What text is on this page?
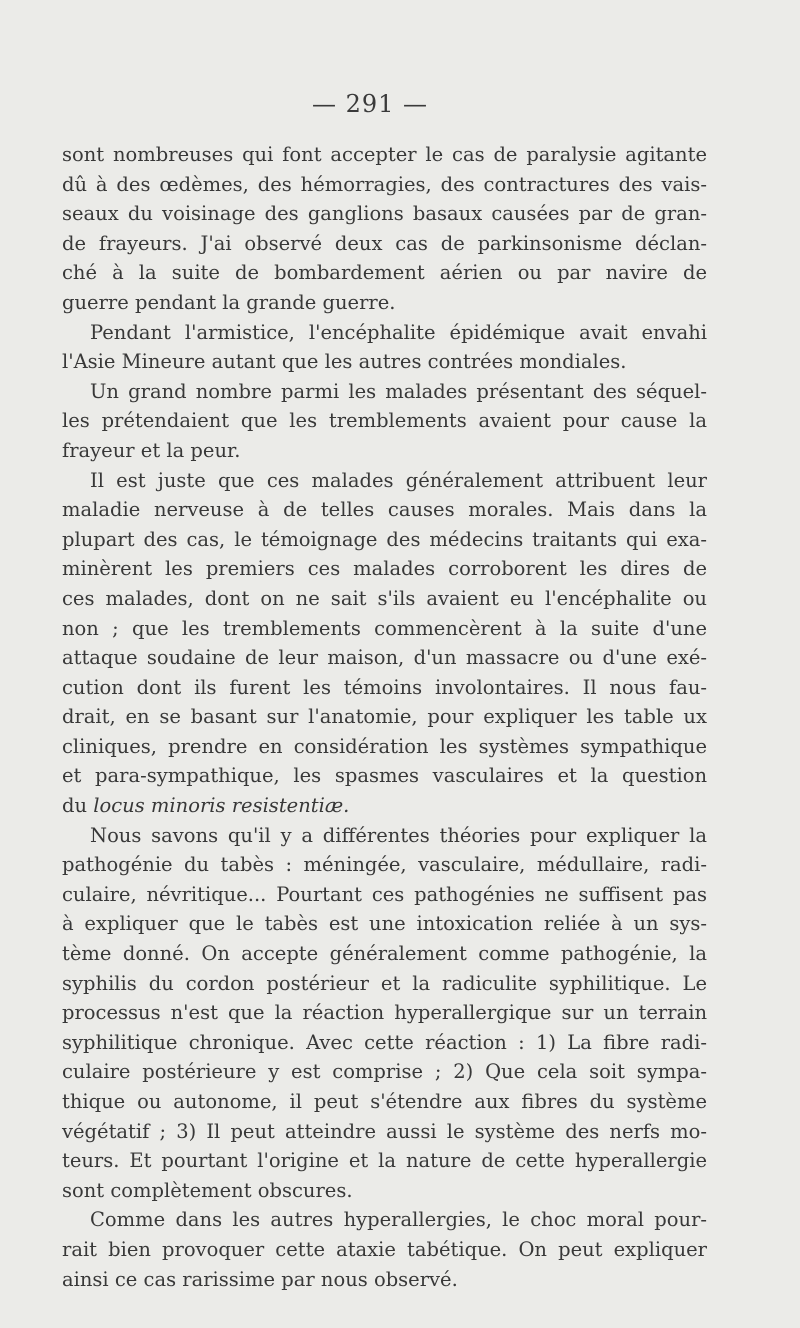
— 291 —
sont nombreuses qui font accepter le cas de paralysie agitante
dû à des œdèmes, des hémorragies, des contractures des vais-
seaux du voisinage des ganglions basaux causées par de gran-
de frayeurs. J'ai observé deux cas de parkinsonisme déclan-
ché à la suite de bombardement aérien ou par navire de
guerre pendant la grande guerre.
Pendant l'armistice, l'encéphalite épidémique avait envahi
l'Asie Mineure autant que les autres contrées mondiales.
Un grand nombre parmi les malades présentant des séquel-
les prétendaient que les tremblements avaient pour cause la
frayeur et la peur.
Il est juste que ces malades généralement attribuent leur
maladie nerveuse à de telles causes morales. Mais dans la
plupart des cas, le témoignage des médecins traitants qui exa-
minèrent les premiers ces malades corroborent les dires de
ces malades, dont on ne sait s'ils avaient eu l'encéphalite ou
non ; que les tremblements commencèrent à la suite d'une
attaque soudaine de leur maison, d'un massacre ou d'une exé-
cution dont ils furent les témoins involontaires. Il nous fau-
drait, en se basant sur l'anatomie, pour expliquer les table ux
cliniques, prendre en considération les systèmes sympathique
et para-sympathique, les spasmes vasculaires et la question
du locus minoris resistentiæ.
Nous savons qu'il y a différentes théories pour expliquer la
pathogénie du tabès : méningée, vasculaire, médullaire, radi-
culaire, névritique... Pourtant ces pathogénies ne suffisent pas
à expliquer que le tabès est une intoxication reliée à un sys-
tème donné. On accepte généralement comme pathogénie, la
syphilis du cordon postérieur et la radiculite syphilitique. Le
processus n'est que la réaction hyperallergique sur un terrain
syphilitique chronique. Avec cette réaction : 1) La fibre radi-
culaire postérieure y est comprise ; 2) Que cela soit sympa-
thique ou autonome, il peut s'étendre aux fibres du système
végétatif ; 3) Il peut atteindre aussi le système des nerfs mo-
teurs. Et pourtant l'origine et la nature de cette hyperallergie
sont complètement obscures.
Comme dans les autres hyperallergies, le choc moral pour-
rait bien provoquer cette ataxie tabétique. On peut expliquer
ainsi ce cas rarissime par nous observé.
